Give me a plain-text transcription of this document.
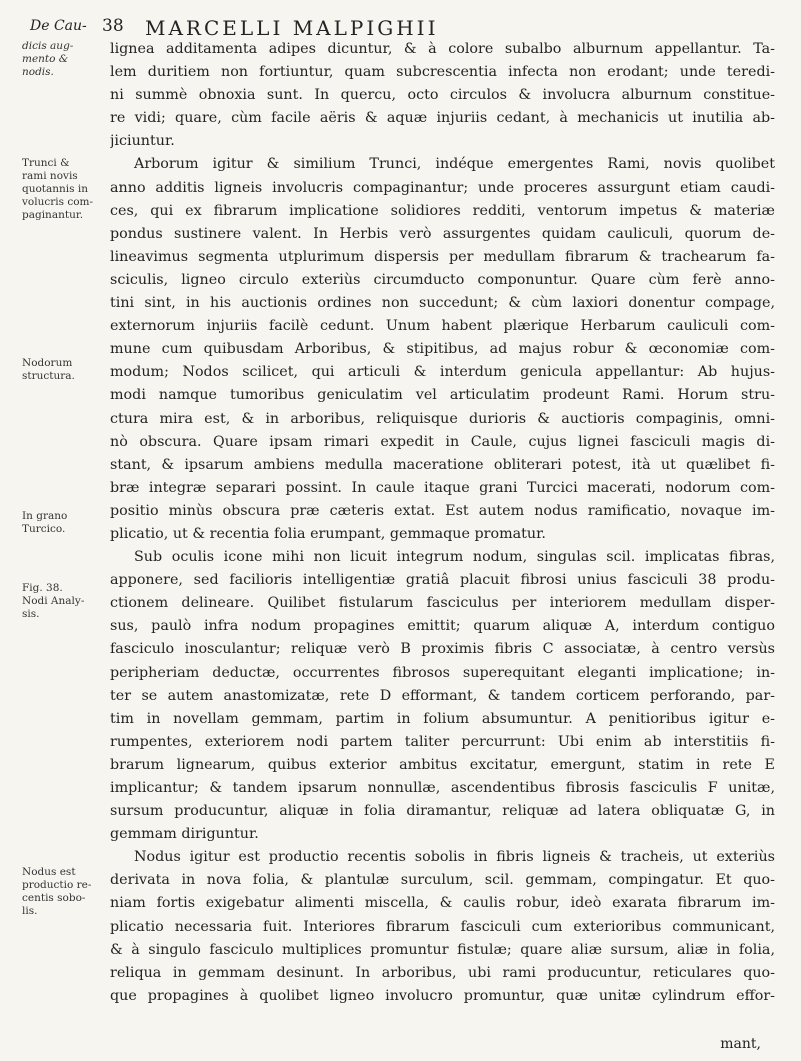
De Cau- 38 MARCELLI MALPIGHII
dicis aug-
mento &
nodis.
Trunci &
rami novis
quotannis in
volucris com-
paginantur.
Nodorum
structura.
In grano
Turcico.
Fig. 38.
Nodi Analy-
sis.
Nodus est
productio re-
centis sobo-
lis.
lignea additamenta adipes dicuntur, & à colore subalbo alburnum appellantur. Ta-
lem duritiem non fortiuntur, quam subcrescentia infecta non erodant; unde teredi-
ni summè obnoxia sunt. In quercu, octo circulos & involucra alburnum constitue-
re vidi; quare, cùm facile aëris & aquæ injuriis cedant, à mechanicis ut inutilia ab-
jiciuntur.
Arborum igitur & similium Trunci, indéque emergentes Rami, novis quolibet
anno additis ligneis involucris compaginantur; unde proceres assurgunt etiam caudi-
ces, qui ex fibrarum implicatione solidiores redditi, ventorum impetus & materiæ
pondus sustinere valent. In Herbis verò assurgentes quidam cauliculi, quorum de-
lineavimus segmenta utplurimum dispersis per medullam fibrarum & trachearum fa-
sciculis, ligneo circulo exteriùs circumducto componuntur. Quare cùm ferè anno-
tini sint, in his auctionis ordines non succedunt; & cùm laxiori donentur compage,
externorum injuriis facilè cedunt. Unum habent plærique Herbarum cauliculi com-
mune cum quibusdam Arboribus, & stipitibus, ad majus robur & œconomiæ com-
modum; Nodos scilicet, qui articuli & interdum genicula appellantur: Ab hujus-
modi namque tumoribus geniculatim vel articulatim prodeunt Rami. Horum stru-
ctura mira est, & in arboribus, reliquisque durioris & auctioris compaginis, omni-
nò obscura. Quare ipsam rimari expedit in Caule, cujus lignei fasciculi magis di-
stant, & ipsarum ambiens medulla maceratione obliterari potest, ità ut quælibet fi-
bræ integræ separari possint. In caule itaque grani Turcici macerati, nodorum com-
positio minùs obscura præ cæteris extat. Est autem nodus ramificatio, novaque im-
plicatio, ut & recentia folia erumpant, gemmaque promatur.
Sub oculis icone mihi non licuit integrum nodum, singulas scil. implicatas fibras,
apponere, sed facilioris intelligentiæ gratiâ placuit fibrosi unius fasciculi 38 produ-
ctionem delineare. Quilibet fistularum fasciculus per interiorem medullam disper-
sus, paulò infra nodum propagines emittit; quarum aliquæ A, interdum contiguo
fasciculo inosculantur; reliquæ verò B proximis fibris C associatæ, à centro versùs
peripheriam deductæ, occurrentes fibrosos superequitant eleganti implicatione; in-
ter se autem anastomizatæ, rete D efformant, & tandem corticem perforando, par-
tim in novellam gemmam, partim in folium absumuntur. A penitioribus igitur e-
rumpentes, exteriorem nodi partem taliter percurrunt: Ubi enim ab interstitiis fi-
brarum lignearum, quibus exterior ambitus excitatur, emergunt, statim in rete E
implicantur; & tandem ipsarum nonnullæ, ascendentibus fibrosis fasciculis F unitæ,
sursum producuntur, aliquæ in folia diramantur, reliquæ ad latera obliquatæ G, in
gemmam diriguntur.
Nodus igitur est productio recentis sobolis in fibris ligneis & tracheis, ut exteriùs
derivata in nova folia, & plantulæ surculum, scil. gemmam, compingatur. Et quo-
niam fortis exigebatur alimenti miscella, & caulis robur, ideò exarata fibrarum im-
plicatio necessaria fuit. Interiores fibrarum fasciculi cum exterioribus communicant,
& à singulo fasciculo multiplices promuntur fistulæ; quare aliæ sursum, aliæ in folia,
reliqua in gemmam desinunt. In arboribus, ubi rami producuntur, reticulares quo-
que propagines à quolibet ligneo involucro promuntur, quæ unitæ cylindrum effor-
mant,
